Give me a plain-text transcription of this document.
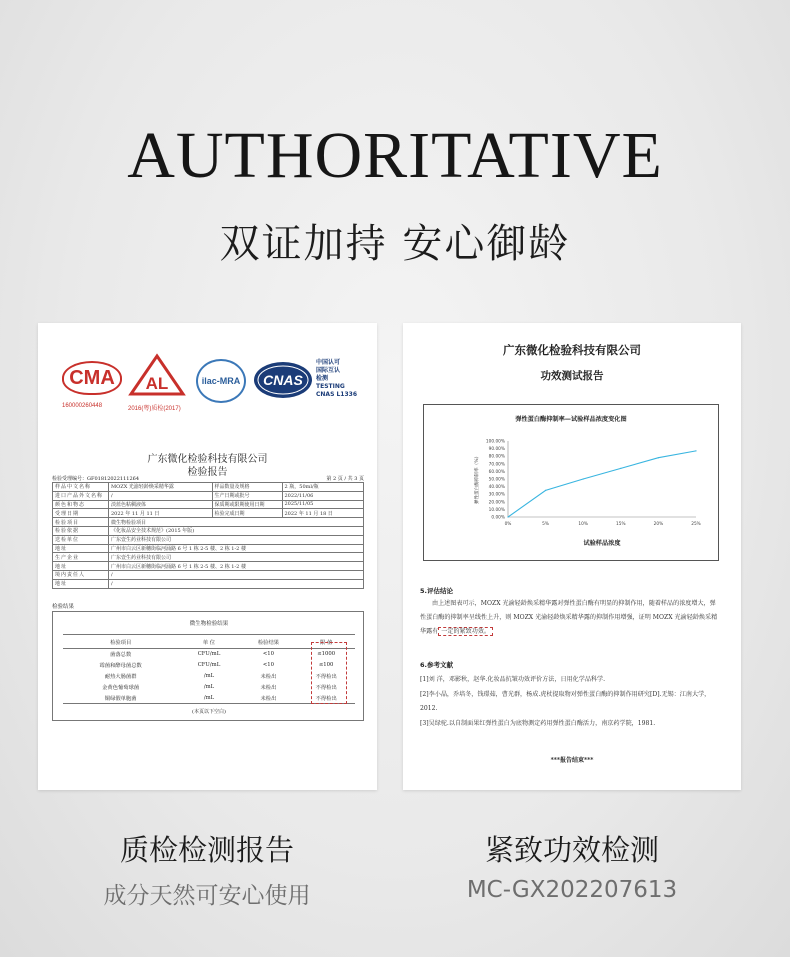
AUTHORITATIVE
双证加持 安心御龄
CMA
160000260448
AL
2016(粤)质检(2017)
ilac-MRA	CNAS
中国认可
国际互认
检测
TESTING
CNAS L1336
广东微化检验科技有限公司
检验报告
检验受理编号：GF01812022111264	第 2 页 / 共 3 页
样品中文名称	MOZX 光渝轻龄焕采精华露	样品数量及规格	2 瓶，50ml/瓶
进口产品外文名称	/	生产日期或批号	2022/11/06
颜色和物态	淡蓝色粘稠液体	保质期或限期使用日期	2025/11/05
受理日期	2022 年 11 月 11 日	检验完成日期	2022 年 11 月 18 日
检验项目	微生物检验项目		
检验依据	《化妆品安全技术规范》(2015 年版)		
送检单位	广东壹生药业科技有限公司		
地址	广州市白云区新穗街临河涌路 6 号 1 栋 2-5 楼、2 栋 1-2 楼		
生产企业	广东壹生药业科技有限公司		
地址	广州市白云区新穗街临河涌路 6 号 1 栋 2-5 楼、2 栋 1-2 楼		
境内责任人	/		
地址	/		
检验结果
微生物检验结果
检验项目	单 位	检验结果	限 值
菌落总数	CFU/mL	<10	≤1000
霉菌和酵母菌总数	CFU/mL	<10	≤100
耐热大肠菌群	/mL	未检出	不得检出
金黄色葡萄球菌	/mL	未检出	不得检出
铜绿假单胞菌	/mL	未检出	不得检出
(本页以下空白)
广东微化检验科技有限公司
功效测试报告
弹性蛋白酶抑制率—试验样品浓度变化图
0.00%
10.00%
20.00%
30.00%
40.00%
50.00%
60.00%
70.00%
80.00%
90.00%
100.00%
0%	5%	10%	15%	20%	25%
弹性蛋白酶抑制率（%）
试验样品浓度
5.评估结论
由上述图表可示，MOZX 光渝轻龄焕采精华露对弹性蛋白酶有明显的抑制作用，随着样品的浓度增大，弹性蛋白酶的抑制率呈线性上升，则 MOZX 光渝轻龄焕采精华露的抑制作用增强，证明 MOZX 光渝轻龄焕采精华露有 一定的紧致功效。
6.参考文献
[1]刘 洋，邓影秋，赵华.化妆品抗皱功效评价方法，日用化学品科学.
[2]李小晶，乔培冬，钱璟茹，曹光群，杨成.虎杖提取物对弹性蛋白酶的抑制作用研究[D].无锡：江南大学，2012.
[3]吴绿驼.以自制面果红弹性蛋白为底物测定药用弹性蛋白酶活力，南京药学院，1981.
***报告结束***
质检检测报告
成分天然可安心使用
紧致功效检测
MC-GX202207613
